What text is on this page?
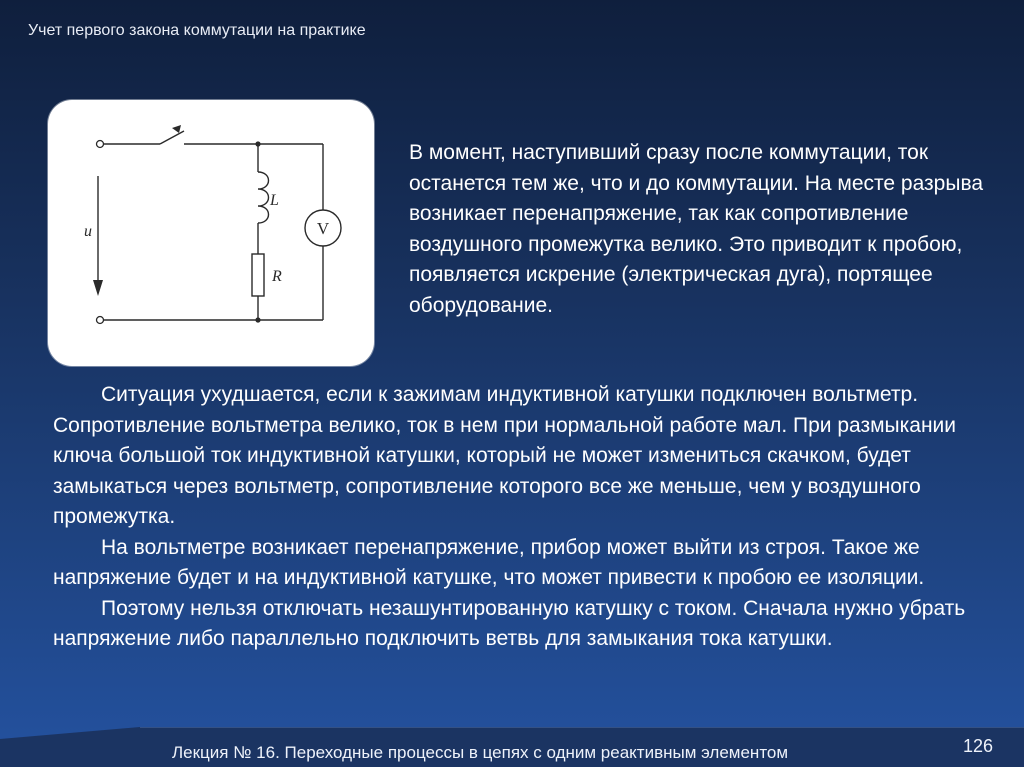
Учет первого закона коммутации на практике
u
L
R
V

В момент, наступивший сразу после коммутации, ток останется тем же, что и до коммутации. На месте разрыва возникает перенапряжение, так как сопротивление воздушного промежутка велико. Это приводит к пробою, появляется искрение (электрическая дуга), портящее оборудование.

Ситуация ухудшается, если к зажимам индуктивной катушки подключен вольтметр. Сопротивление вольтметра велико, ток в нем при нормальной работе мал. При размыкании ключа большой ток индуктивной катушки, который не может измениться скачком, будет замыкаться через вольтметр, сопротивление которого все же меньше, чем у воздушного промежутка.

На вольтметре возникает перенапряжение, прибор может выйти из строя. Такое же напряжение будет и на индуктивной катушке, что может привести к пробою ее изоляции.

Поэтому нельзя отключать незашунтированную катушку с током. Сначала нужно убрать напряжение либо параллельно подключить ветвь для замыкания тока катушки.

Лекция № 16. Переходные процессы в цепях с одним реактивным элементом	126
